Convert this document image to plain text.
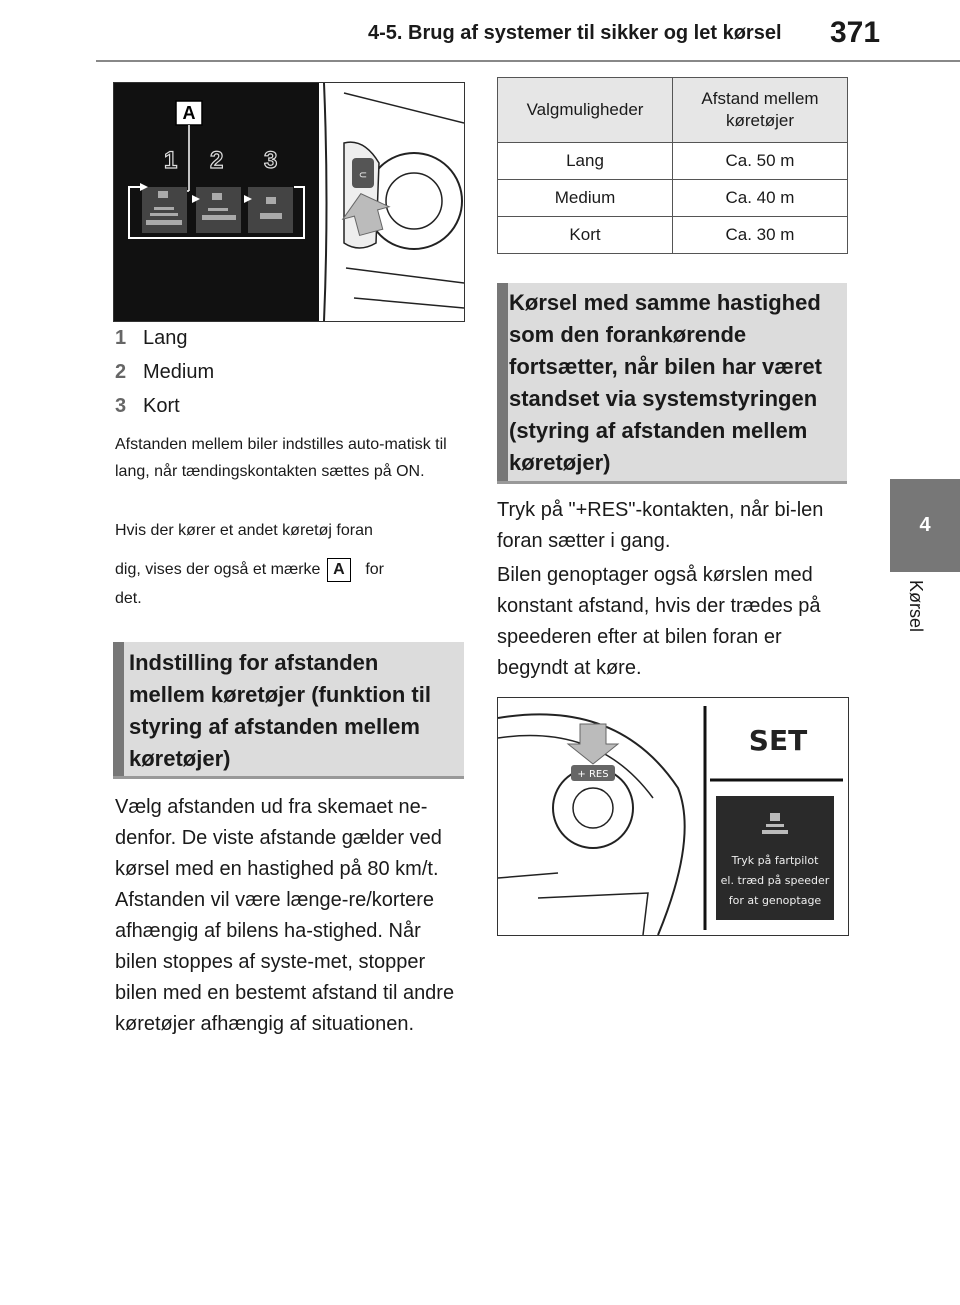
4-5. Brug af systemer til sikker og let kørsel 371
4
Kørsel
⊂
A
1 2 3
1 Lang
2 Medium
3 Kort
Afstanden mellem biler indstilles auto-matisk til lang, når tændingskontakten sættes på ON.
Hvis der kører et andet køretøj foran
dig, vises der også et mærke A for
det.
Indstilling for afstanden mellem køretøjer (funktion til styring af afstanden mellem køretøjer)
Vælg afstanden ud fra skemaet ne-denfor. De viste afstande gælder ved kørsel med en hastighed på 80 km/t. Afstanden vil være længe-re/kortere afhængig af bilens ha-stighed. Når bilen stoppes af syste-met, stopper bilen med en bestemt afstand til andre køretøjer afhængig af situationen.
Valgmuligheder	Afstand mellem køretøjer
Lang	Ca. 50 m
Medium	Ca. 40 m
Kort	Ca. 30 m
Kørsel med samme hastighed som den forankørende fortsætter, når bilen har været standset via systemstyringen (styring af afstanden mellem køretøjer)
Tryk på "+RES"-kontakten, når bi-len foran sætter i gang.
Bilen genoptager også kørslen med konstant afstand, hvis der trædes på speederen efter at bilen foran er begyndt at køre.
+ RES
SET
Tryk på fartpilot
el. træd på speeder
for at genoptage
